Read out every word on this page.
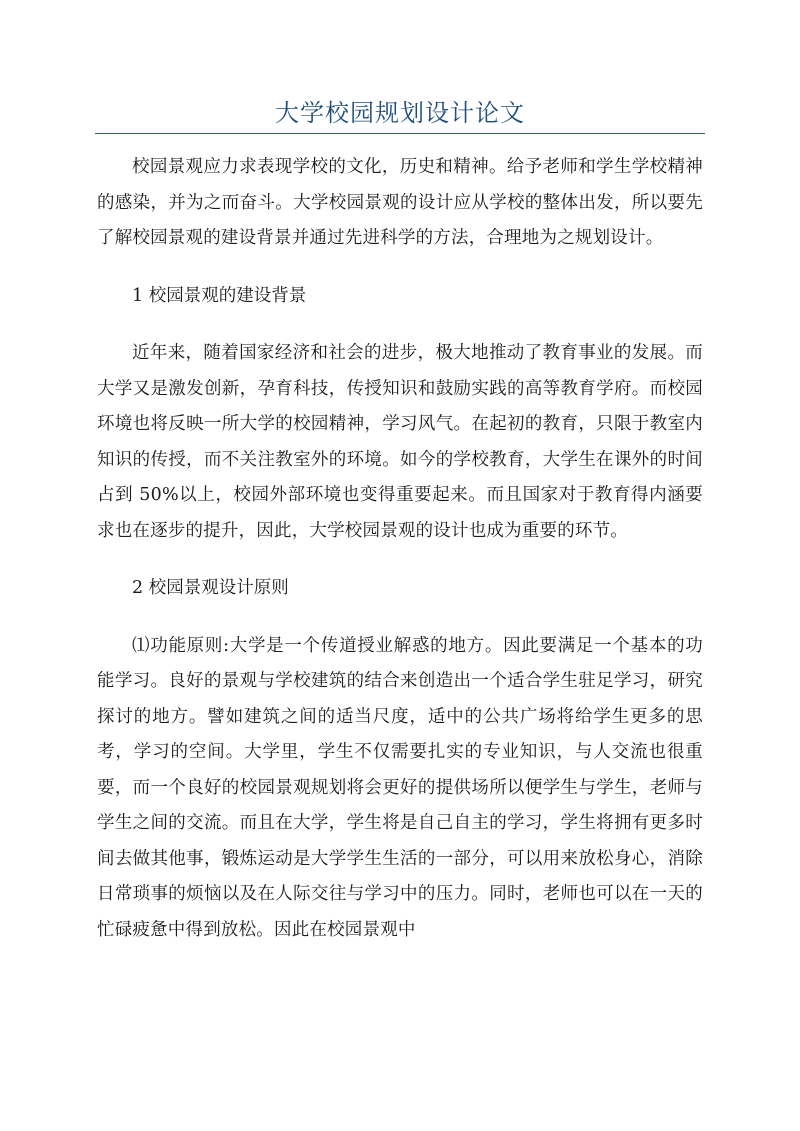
大学校园规划设计论文

校园景观应力求表现学校的文化，历史和精神。给予老师和学生学校精神的感染，并为之而奋斗。大学校园景观的设计应从学校的整体出发，所以要先了解校园景观的建设背景并通过先进科学的方法，合理地为之规划设计。

1 校园景观的建设背景

近年来，随着国家经济和社会的进步，极大地推动了教育事业的发展。而大学又是激发创新，孕育科技，传授知识和鼓励实践的高等教育学府。而校园环境也将反映一所大学的校园精神，学习风气。在起初的教育，只限于教室内知识的传授，而不关注教室外的环境。如今的学校教育，大学生在课外的时间占到 50%以上，校园外部环境也变得重要起来。而且国家对于教育得内涵要求也在逐步的提升，因此，大学校园景观的设计也成为重要的环节。

2 校园景观设计原则

⑴功能原则:大学是一个传道授业解惑的地方。因此要满足一个基本的功能学习。良好的景观与学校建筑的结合来创造出一个适合学生驻足学习，研究探讨的地方。譬如建筑之间的适当尺度，适中的公共广场将给学生更多的思考，学习的空间。大学里，学生不仅需要扎实的专业知识，与人交流也很重要，而一个良好的校园景观规划将会更好的提供场所以便学生与学生，老师与学生之间的交流。而且在大学，学生将是自己自主的学习，学生将拥有更多时间去做其他事，锻炼运动是大学学生生活的一部分，可以用来放松身心，消除日常琐事的烦恼以及在人际交往与学习中的压力。同时，老师也可以在一天的忙碌疲惫中得到放松。因此在校园景观中
